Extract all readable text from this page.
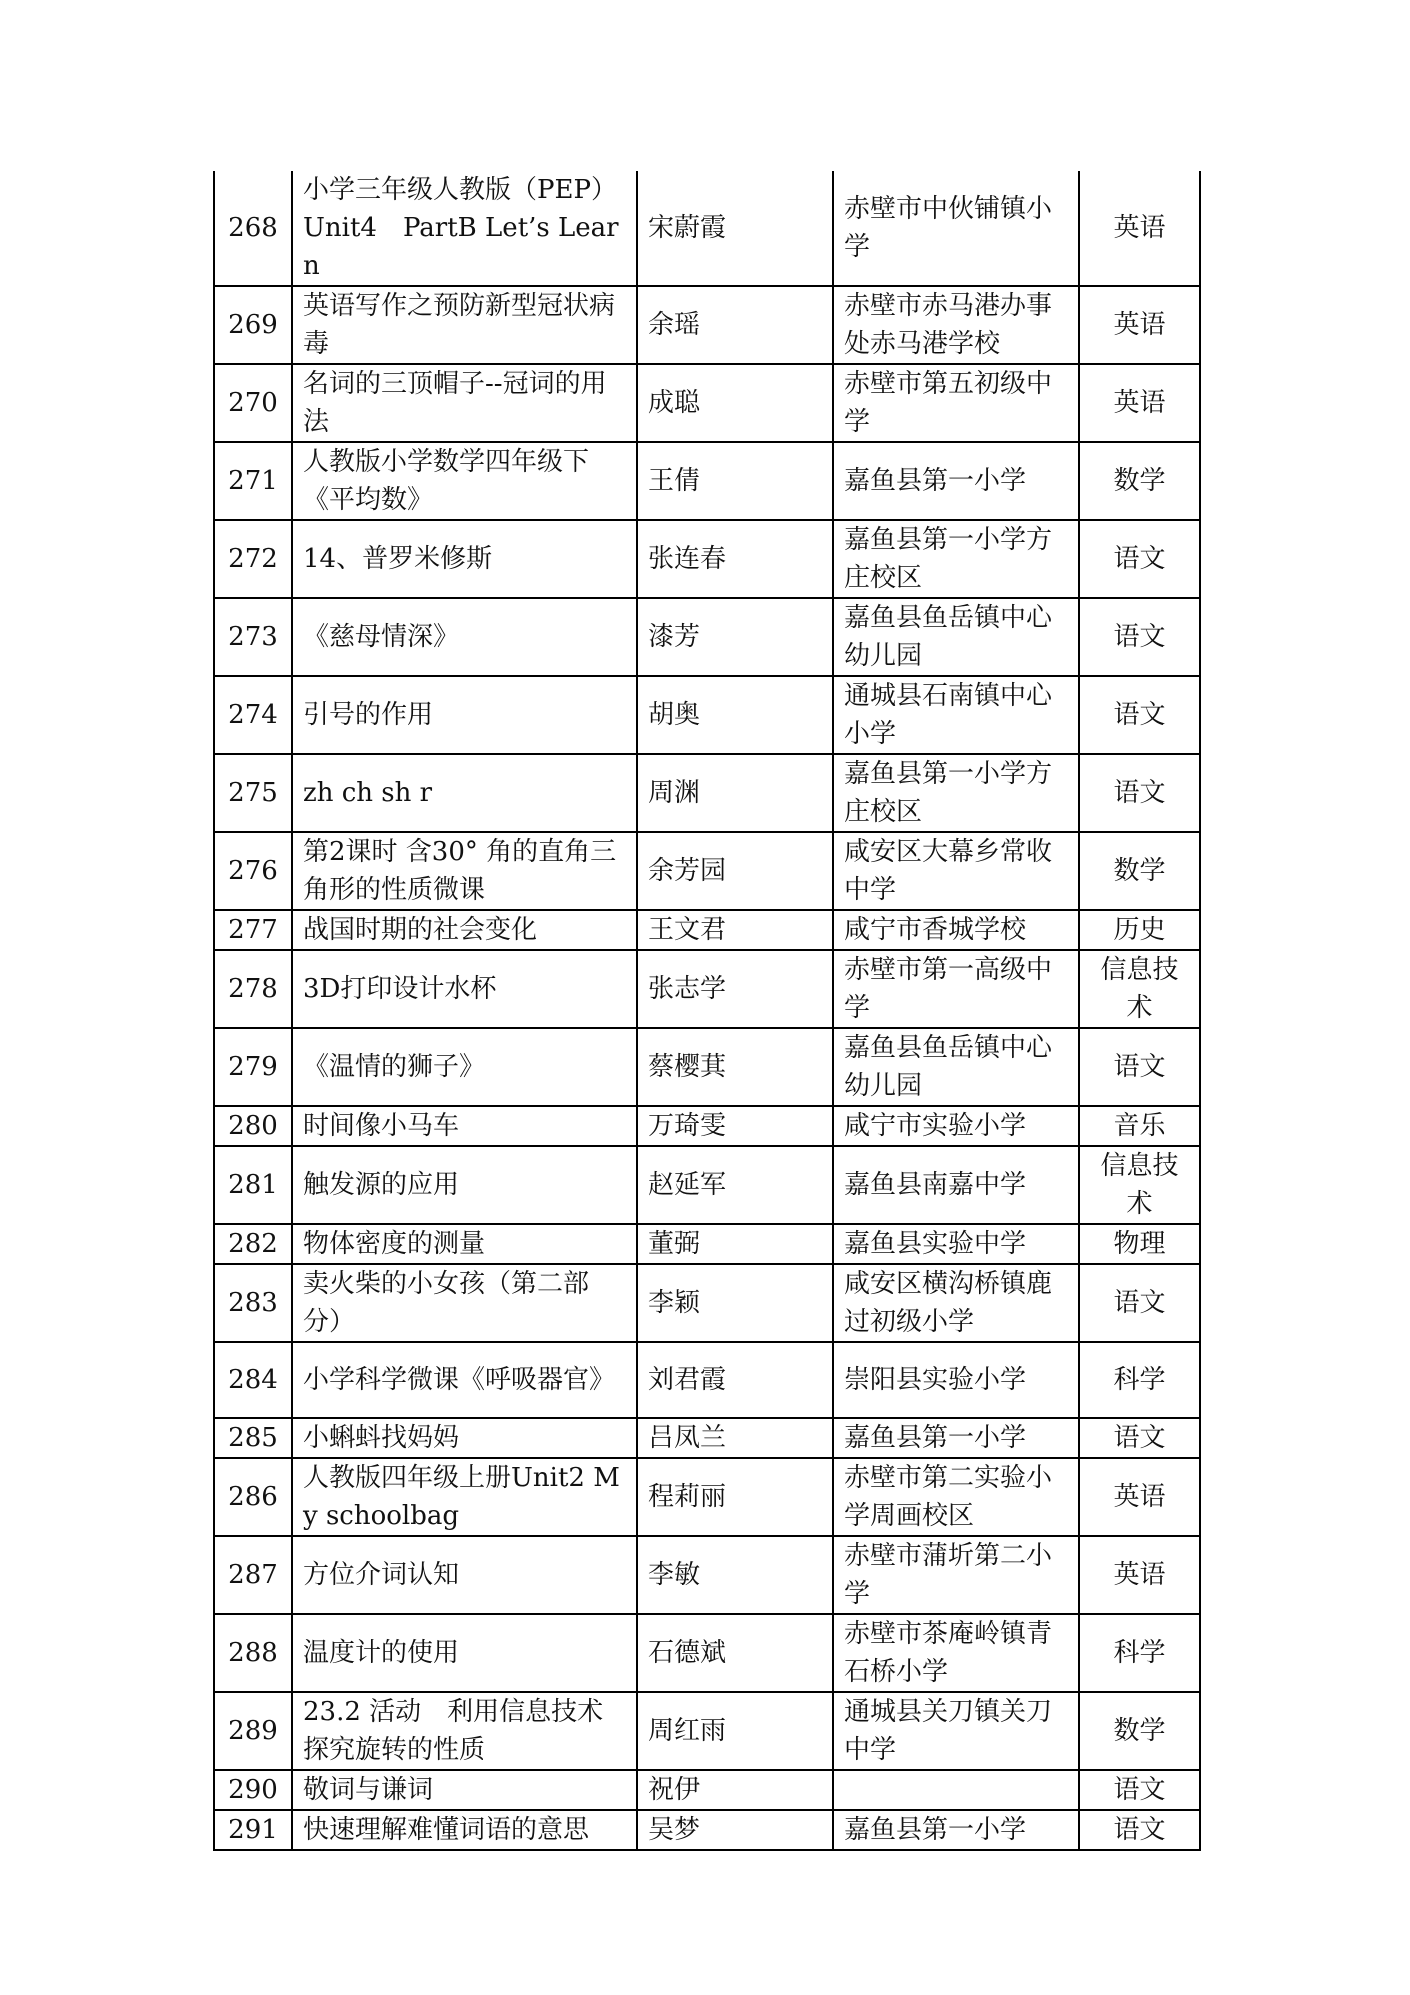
268	小学三年级人教版（PEP）Unit4　PartB Let’s Learn	宋蔚霞	赤壁市中伙铺镇小学	英语
269	英语写作之预防新型冠状病毒	余瑶	赤壁市赤马港办事处赤马港学校	英语
270	名词的三顶帽子--冠词的用法	成聪	赤壁市第五初级中学	英语
271	人教版小学数学四年级下《平均数》	王倩	嘉鱼县第一小学	数学
272	14、普罗米修斯	张连春	嘉鱼县第一小学方庄校区	语文
273	《慈母情深》	漆芳	嘉鱼县鱼岳镇中心幼儿园	语文
274	引号的作用	胡奥	通城县石南镇中心小学	语文
275	zh ch sh r	周渊	嘉鱼县第一小学方庄校区	语文
276	第2课时 含30° 角的直角三角形的性质微课	余芳园	咸安区大幕乡常收中学	数学
277	战国时期的社会变化	王文君	咸宁市香城学校	历史
278	3D打印设计水杯	张志学	赤壁市第一高级中学	信息技术
279	《温情的狮子》	蔡樱萁	嘉鱼县鱼岳镇中心幼儿园	语文
280	时间像小马车	万琦雯	咸宁市实验小学	音乐
281	触发源的应用	赵延军	嘉鱼县南嘉中学	信息技术
282	物体密度的测量	董弼	嘉鱼县实验中学	物理
283	卖火柴的小女孩（第二部分）	李颖	咸安区横沟桥镇鹿过初级小学	语文
284	小学科学微课《呼吸器官》	刘君霞	崇阳县实验小学	科学
285	小蝌蚪找妈妈	吕凤兰	嘉鱼县第一小学	语文
286	人教版四年级上册Unit2 My schoolbag	程莉丽	赤壁市第二实验小学周画校区	英语
287	方位介词认知	李敏	赤壁市蒲圻第二小学	英语
288	温度计的使用	石德斌	赤壁市茶庵岭镇青石桥小学	科学
289	23.2 活动　利用信息技术探究旋转的性质	周红雨	通城县关刀镇关刀中学	数学
290	敬词与谦词	祝伊		语文
291	快速理解难懂词语的意思	吴梦	嘉鱼县第一小学	语文
